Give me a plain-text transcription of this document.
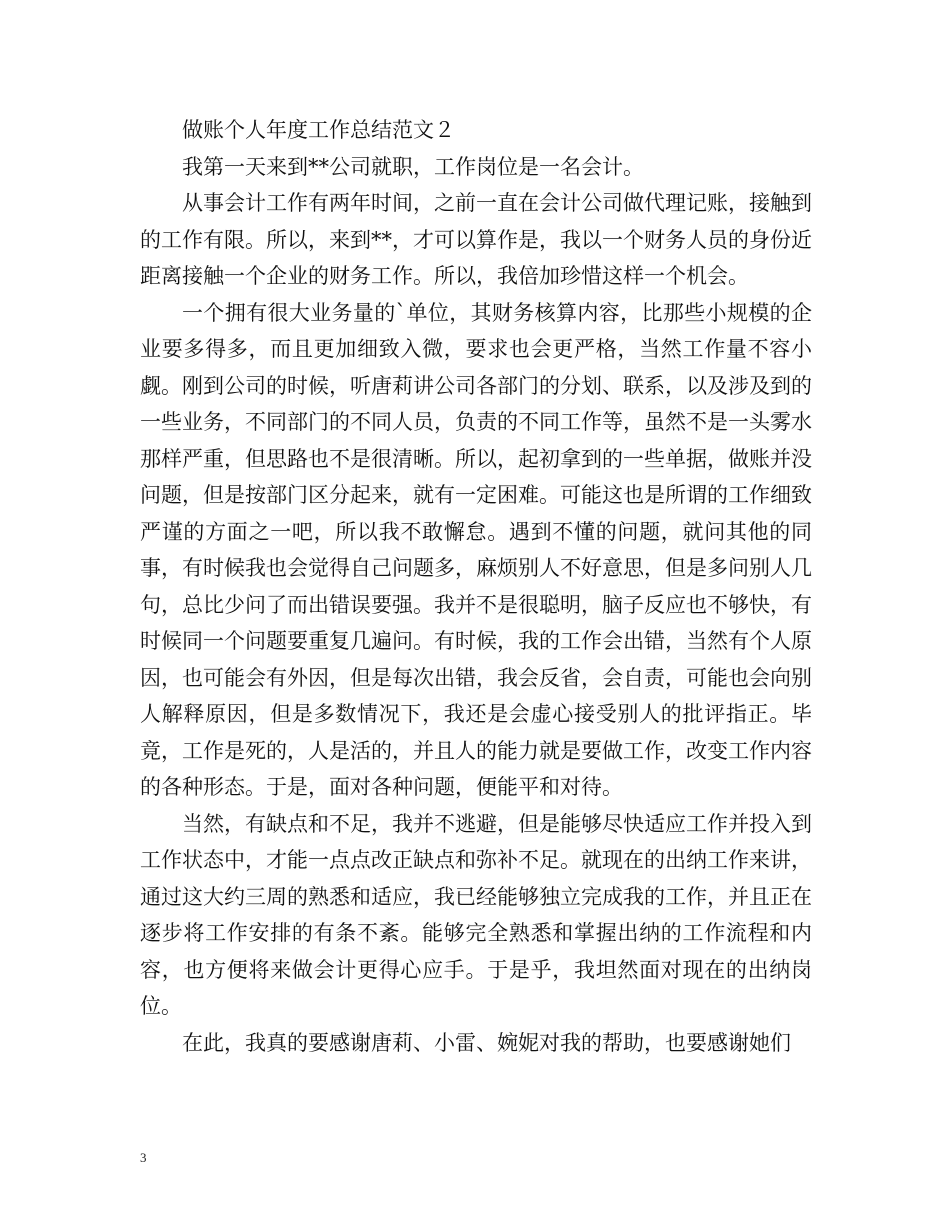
做账个人年度工作总结范文２

我第一天来到**公司就职，工作岗位是一名会计。

从事会计工作有两年时间，之前一直在会计公司做代理记账，接触到的工作有限。所以，来到**，才可以算作是，我以一个财务人员的身份近距离接触一个企业的财务工作。所以，我倍加珍惜这样一个机会。

一个拥有很大业务量的`单位，其财务核算内容，比那些小规模的企业要多得多，而且更加细致入微，要求也会更严格，当然工作量不容小觑。刚到公司的时候，听唐莉讲公司各部门的分划、联系，以及涉及到的一些业务，不同部门的不同人员，负责的不同工作等，虽然不是一头雾水那样严重，但思路也不是很清晰。所以，起初拿到的一些单据，做账并没问题，但是按部门区分起来，就有一定困难。可能这也是所谓的工作细致严谨的方面之一吧，所以我不敢懈怠。遇到不懂的问题，就问其他的同事，有时候我也会觉得自己问题多，麻烦别人不好意思，但是多问别人几句，总比少问了而出错误要强。我并不是很聪明，脑子反应也不够快，有时候同一个问题要重复几遍问。有时候，我的工作会出错，当然有个人原因，也可能会有外因，但是每次出错，我会反省，会自责，可能也会向别人解释原因，但是多数情况下，我还是会虚心接受别人的批评指正。毕竟，工作是死的，人是活的，并且人的能力就是要做工作，改变工作内容的各种形态。于是，面对各种问题，便能平和对待。

当然，有缺点和不足，我并不逃避，但是能够尽快适应工作并投入到工作状态中，才能一点点改正缺点和弥补不足。就现在的出纳工作来讲，通过这大约三周的熟悉和适应，我已经能够独立完成我的工作，并且正在逐步将工作安排的有条不紊。能够完全熟悉和掌握出纳的工作流程和内容，也方便将来做会计更得心应手。于是乎，我坦然面对现在的出纳岗位。

在此，我真的要感谢唐莉、小雷、婉妮对我的帮助，也要感谢她们

3
